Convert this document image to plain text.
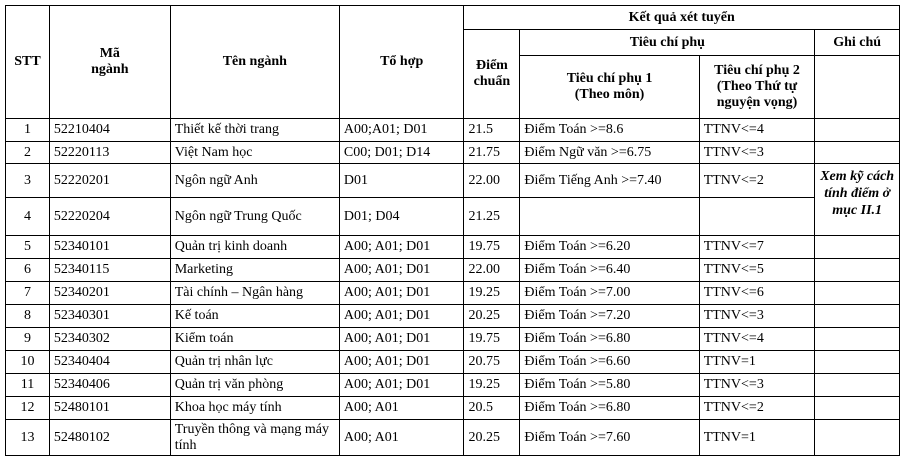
STT	Mã ngành	Tên ngành	Tổ hợp	Kết quả xét tuyển			
				Điểm chuẩn	Tiêu chí phụ		Ghi chú
					Tiêu chí phụ 1 (Theo môn)	Tiêu chí phụ 2 (Theo Thứ tự nguyện vọng)	
1	52210404	Thiết kế thời trang	A00;A01; D01	21.5	Điểm Toán >=8.6	TTNV<=4	
2	52220113	Việt Nam học	C00; D01; D14	21.75	Điểm Ngữ văn >=6.75	TTNV<=3	
3	52220201	Ngôn ngữ Anh	D01	22.00	Điểm Tiếng Anh >=7.40	TTNV<=2	Xem kỹ cách tính điểm ở mục II.1
4	52220204	Ngôn ngữ Trung Quốc	D01; D04	21.25			
5	52340101	Quản trị kinh doanh	A00; A01; D01	19.75	Điểm Toán >=6.20	TTNV<=7	
6	52340115	Marketing	A00; A01; D01	22.00	Điểm Toán >=6.40	TTNV<=5	
7	52340201	Tài chính – Ngân hàng	A00; A01; D01	19.25	Điểm Toán >=7.00	TTNV<=6	
8	52340301	Kế toán	A00; A01; D01	20.25	Điểm Toán >=7.20	TTNV<=3	
9	52340302	Kiểm toán	A00; A01; D01	19.75	Điểm Toán >=6.80	TTNV<=4	
10	52340404	Quản trị nhân lực	A00; A01; D01	20.75	Điểm Toán >=6.60	TTNV=1	
11	52340406	Quản trị văn phòng	A00; A01; D01	19.25	Điểm Toán >=5.80	TTNV<=3	
12	52480101	Khoa học máy tính	A00; A01	20.5	Điểm Toán >=6.80	TTNV<=2	
13	52480102	Truyền thông và mạng máy tính	A00; A01	20.25	Điểm Toán >=7.60	TTNV=1	
